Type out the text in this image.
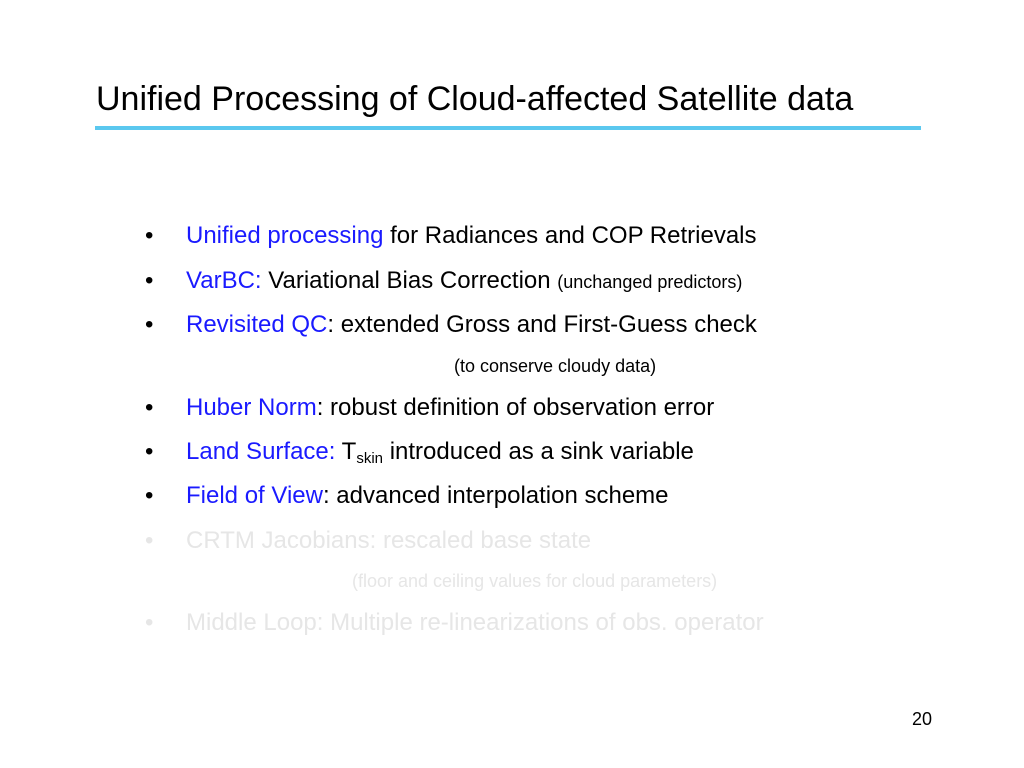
Unified Processing of Cloud-affected Satellite data
•	Unified processing for Radiances and COP Retrievals
•	VarBC: Variational Bias Correction (unchanged predictors)
•	Revisited QC: extended Gross and First-Guess check
(to conserve cloudy data)
•	Huber Norm: robust definition of observation error
•	Land Surface: $T_{skin}$ introduced as a sink variable
•	Field of View: advanced interpolation scheme
•	CRTM Jacobians: rescaled base state
(floor and ceiling values for cloud parameters)
•	Middle Loop: Multiple re-linearizations of obs. operator
20
